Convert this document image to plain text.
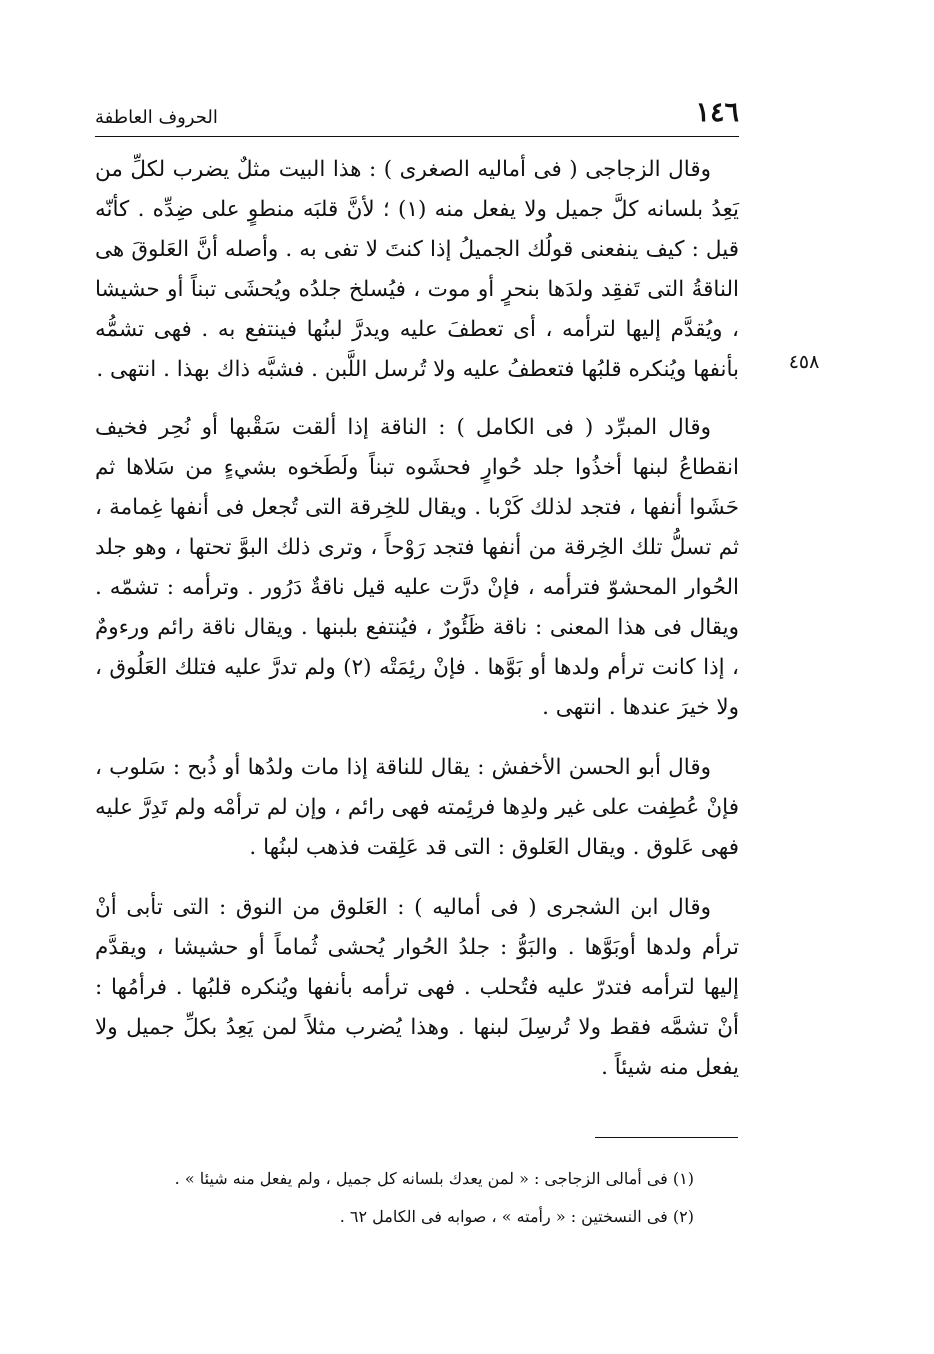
١٤٦
الحروف العاطفة
٤٥٨

وقال الزجاجى ( فى أماليه الصغرى ) : هذا البيت مثلٌ يضرب لكلِّ من يَعِدُ بلسانه كلَّ جميل ولا يفعل منه (١) ؛ لأنَّ قلبَه منطوٍ على ضِدِّه . كأنّه قيل : كيف ينفعنى قولُك الجميلُ إذا كنتَ لا تفى به . وأصله أنَّ العَلوقَ هى الناقةُ التى تَفقِد ولدَها بنحرٍ أو موت ، فيُسلخ جلدُه ويُحشَى تبناً أو حشيشا ، ويُقدَّم إليها لترأمه ، أى تعطفَ عليه ويدرَّ لبنُها فينتفع به . فهى تشمُّه بأنفها ويُنكره قلبُها فتعطفُ عليه ولا تُرسل اللَّبن . فشبَّه ذاك بهذا . انتهى .

وقال المبرِّد ( فى الكامل ) : الناقة إذا ألقت سَقْبها أو نُحِر فخيف انقطاعُ لبنها أخذُوا جلد حُوارٍ فحشَوه تبناً ولَطَخوه بشيءٍ من سَلاها ثم حَشَوا أنفها ، فتجد لذلك كَرْبا . ويقال للخِرقة التى تُجعل فى أنفها غِمامة ، ثم تسلُّ تلك الخِرقة من أنفها فتجد رَوْحاً ، وترى ذلك البوَّ تحتها ، وهو جلد الحُوار المحشوّ فترأمه ، فإنْ درَّت عليه قيل ناقةٌ دَرُور . وترأمه : تشمّه . ويقال فى هذا المعنى : ناقة ظَئُورٌ ، فيُنتفع بلبنها . ويقال ناقة رائم ورءومٌ ، إذا كانت ترأم ولدها أو بَوَّها . فإنْ رئِمَتْه (٢) ولم تدرَّ عليه فتلك العَلُوق ، ولا خيرَ عندها . انتهى .

وقال أبو الحسن الأخفش : يقال للناقة إذا مات ولدُها أو ذُبح : سَلوب ، فإنْ عُطِفت على غير ولدِها فرئِمته فهى رائم ، وإن لم ترأمْه ولم تَدِرَّ عليه فهى عَلوق . ويقال العَلوق : التى قد عَلِقت فذهب لبنُها .

وقال ابن الشجرى ( فى أماليه ) : العَلوق من النوق : التى تأبى أنْ ترأم ولدها أوبَوَّها . والبَوُّ : جلدُ الحُوار يُحشى ثُماماً أو حشيشا ، ويقدَّم إليها لترأمه فتدرّ عليه فتُحلب . فهى ترأمه بأنفها ويُنكره قلبُها . فرأمُها : أنْ تشمَّه فقط ولا تُرسِلَ لبنها . وهذا يُضرب مثلاً لمن يَعِدُ بكلِّ جميل ولا يفعل منه شيئاً .

(١) فى أمالى الزجاجى : « لمن يعدك بلسانه كل جميل ، ولم يفعل منه شيئا » .

(٢) فى النسختين : « رأمته » ، صوابه فى الكامل ٦٢ .
